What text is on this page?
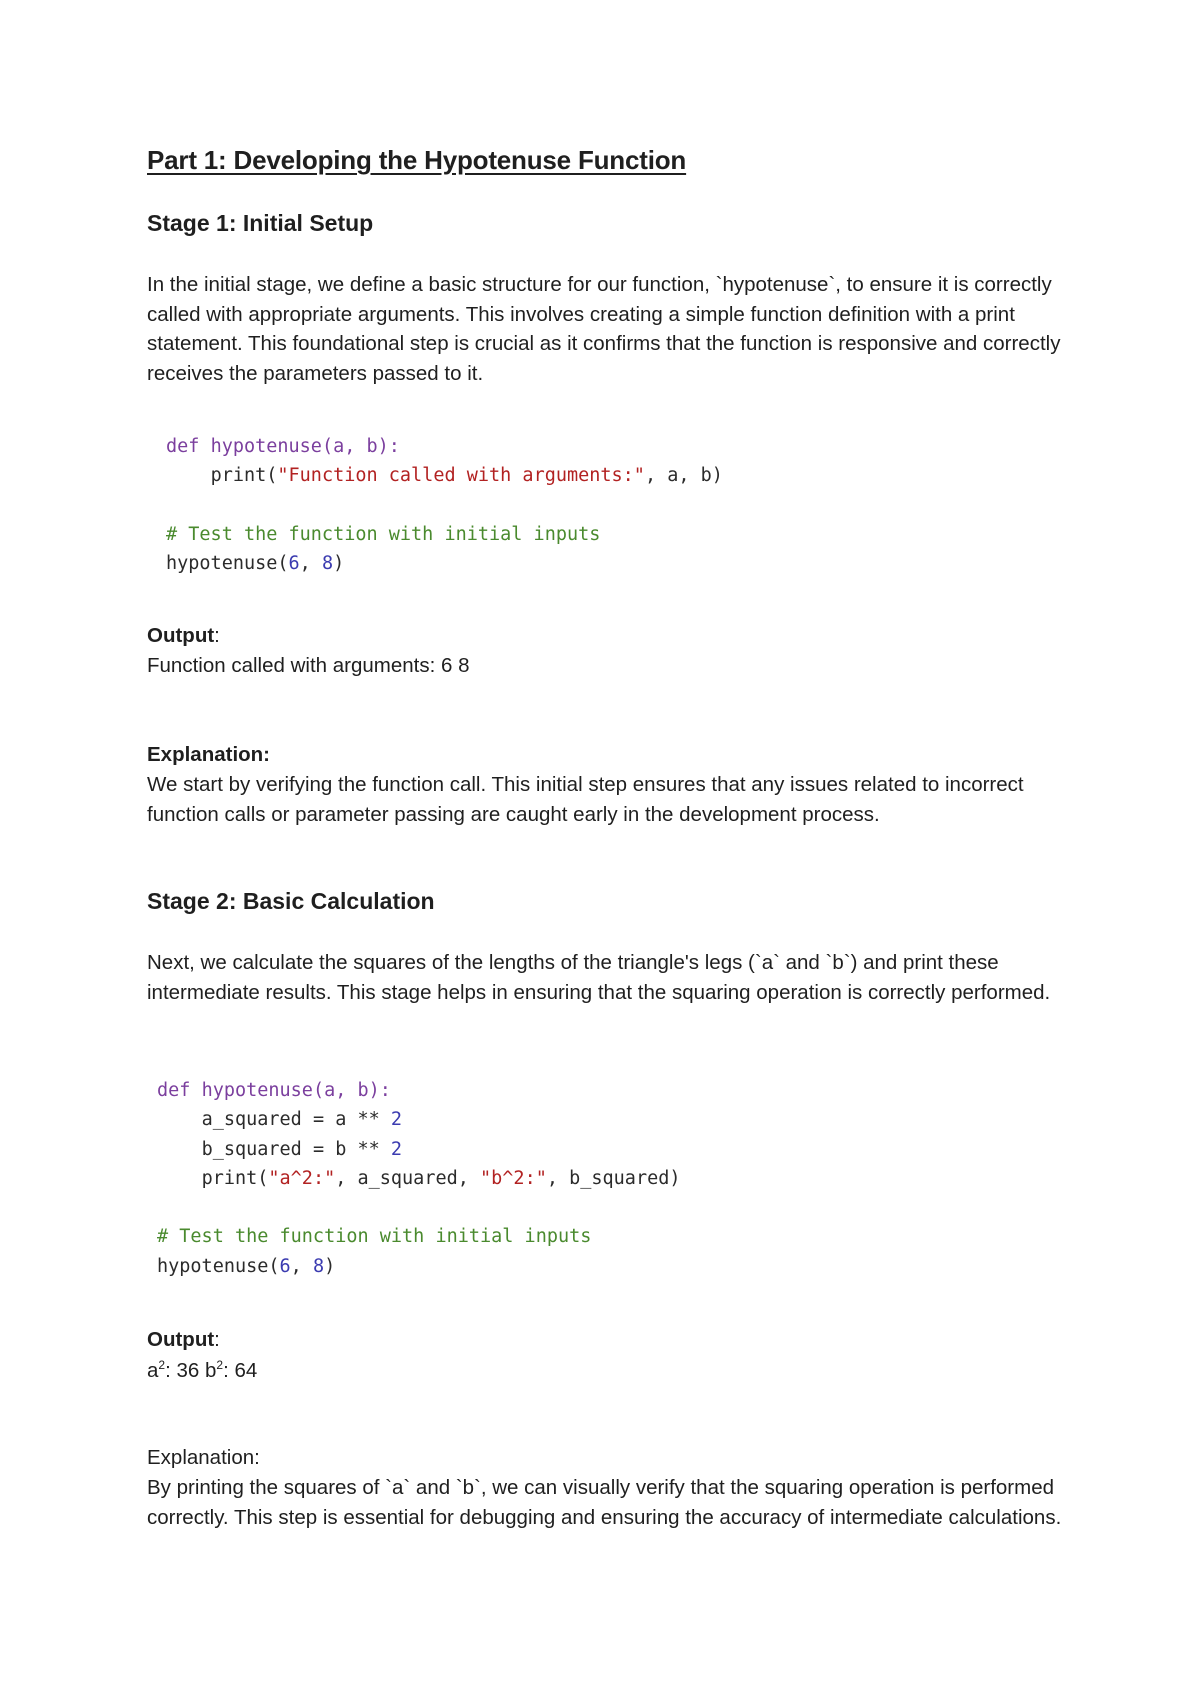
Part 1: Developing the Hypotenuse Function
Stage 1: Initial Setup

In the initial stage, we define a basic structure for our function, `hypotenuse`, to ensure it is correctly called with appropriate arguments. This involves creating a simple function definition with a print statement. This foundational step is crucial as it confirms that the function is responsive and correctly receives the parameters passed to it.

def hypotenuse(a, b):
print("Function called with arguments:", a, b)

# Test the function with initial inputs
hypotenuse(6, 8)

Output:

Function called with arguments: 6 8

Explanation:

We start by verifying the function call. This initial step ensures that any issues related to incorrect function calls or parameter passing are caught early in the development process.

Stage 2: Basic Calculation

Next, we calculate the squares of the lengths of the triangle's legs (`a` and `b`) and print these intermediate results. This stage helps in ensuring that the squaring operation is correctly performed.

def hypotenuse(a, b):
a_squared = a ** 2
b_squared = b ** 2
print("a^2:", a_squared, "b^2:", b_squared)

# Test the function with initial inputs
hypotenuse(6, 8)

Output:

$a^2$: 36 $b^2$: 64

Explanation:

By printing the squares of `a` and `b`, we can visually verify that the squaring operation is performed correctly. This step is essential for debugging and ensuring the accuracy of intermediate calculations.
